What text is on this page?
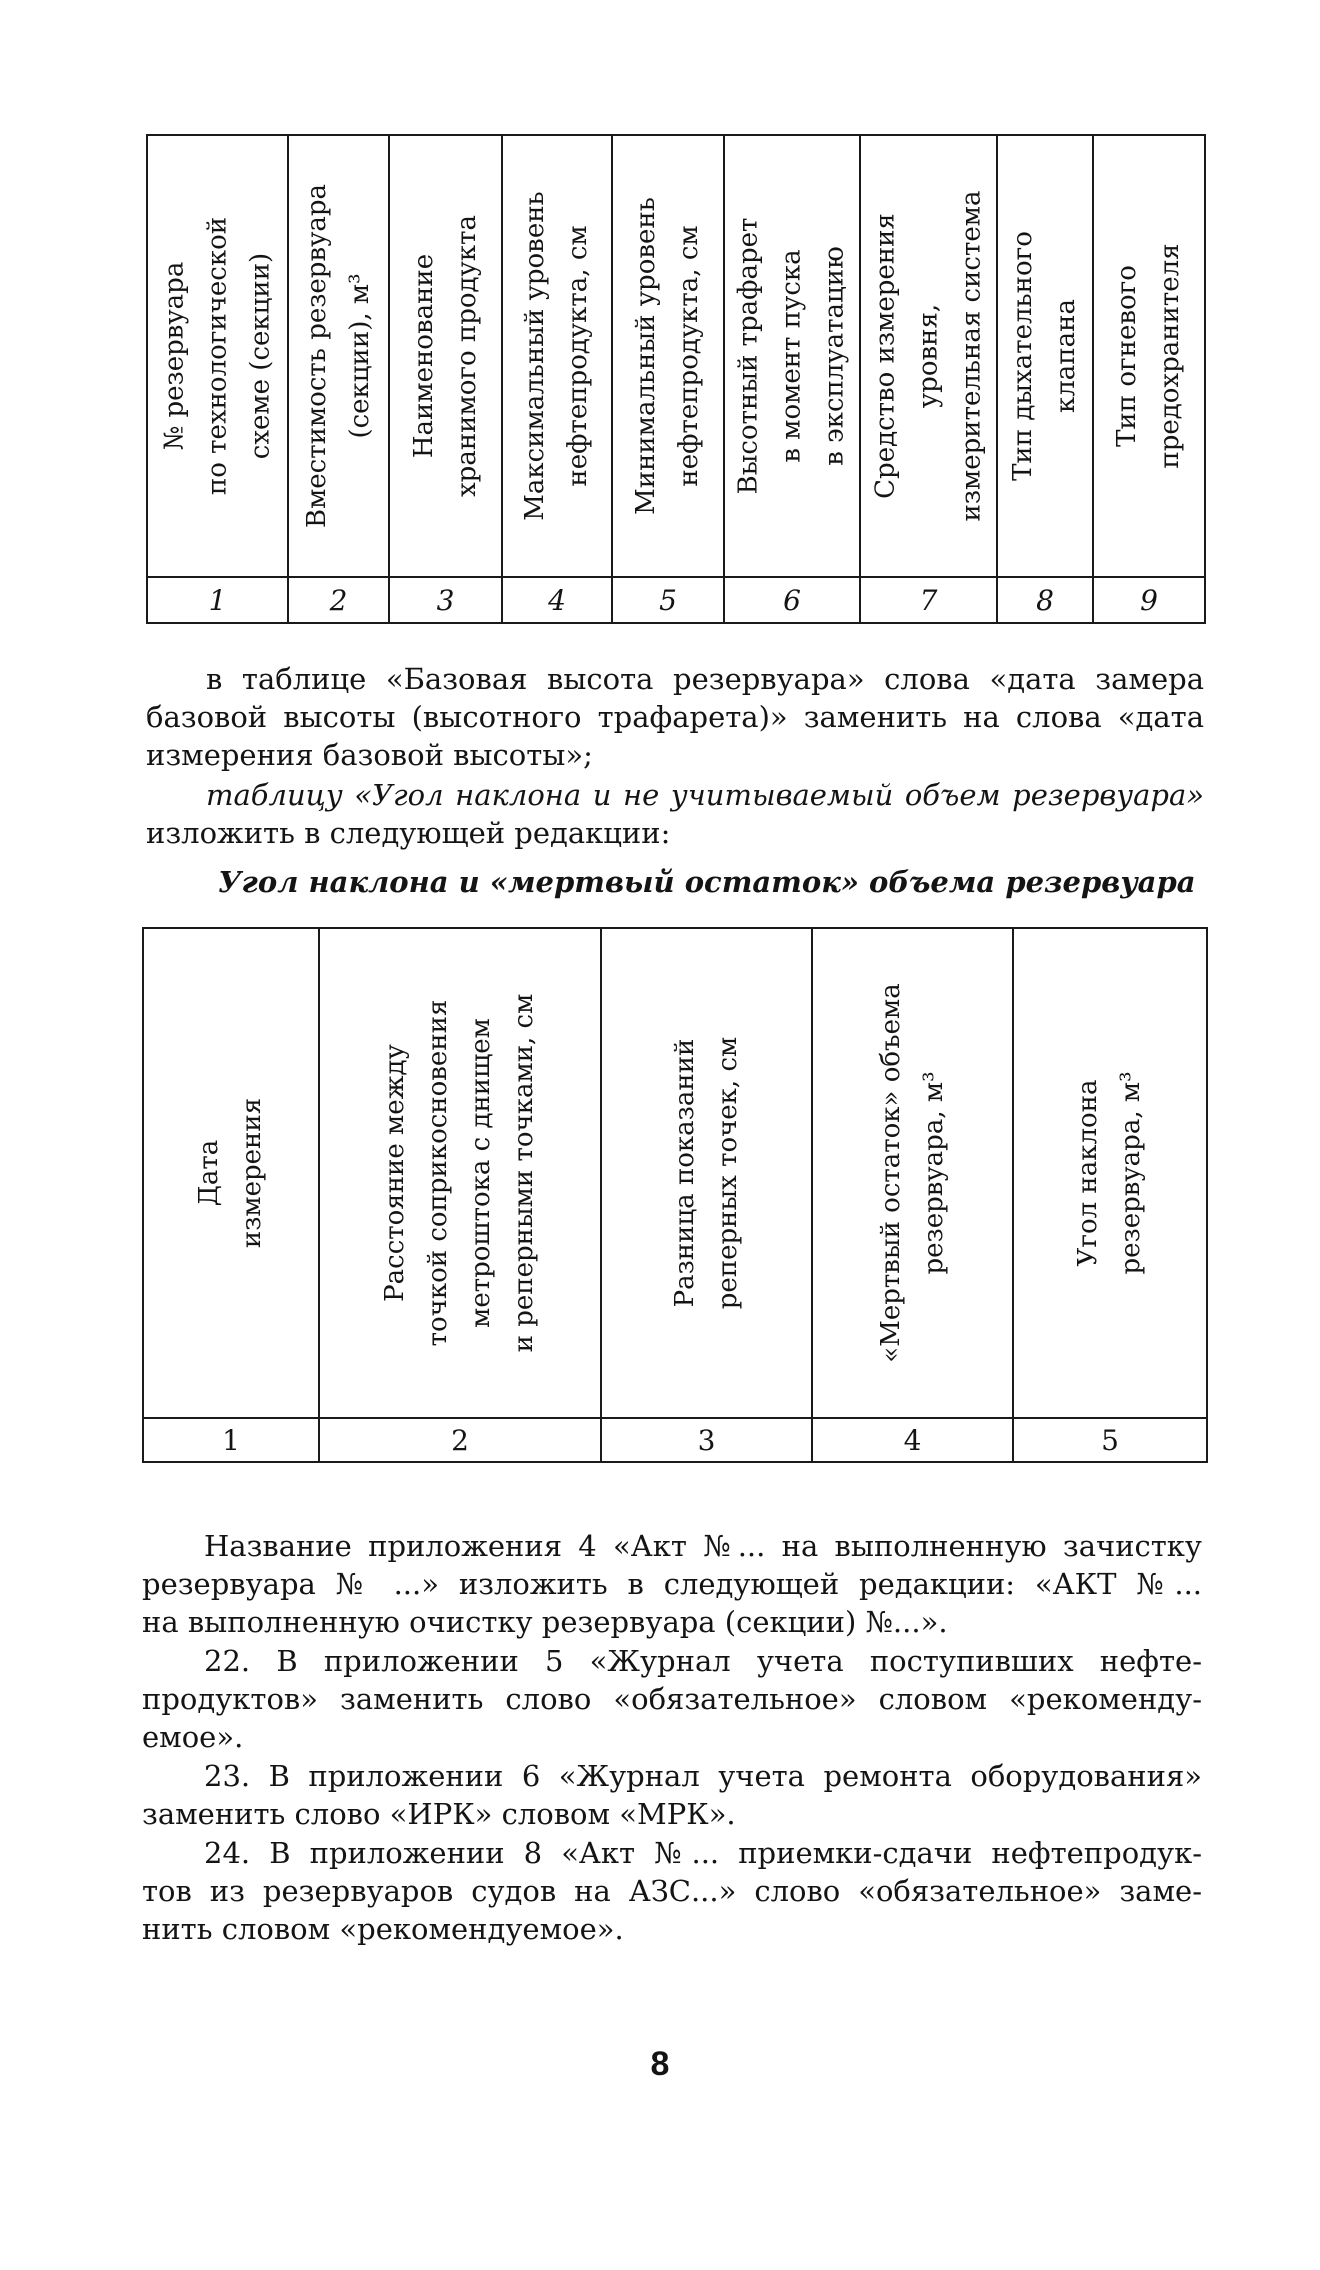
№ резервуара по технологической схеме (секции)	Вместимость резервуара (секции), м³	Наименование хранимого продукта	Максимальный уровень нефтепродукта, см	Минимальный уровень нефтепродукта, см	Высотный трафарет в момент пуска в эксплуатацию	Средство измерения уровня, измерительная система	Тип дыхательного клапана	Тип огневого предохранителя

1	2	3	4	5	6	7	8	9

в таблице «Базовая высота резервуара» слова «дата замера
базовой высоты (высотного трафарета)» заменить на слова «дата
измерения базовой высоты»;

таблицу «Угол наклона и не учитываемый объем резервуара»
изложить в следующей редакции:

Угол наклона и «мертвый остаток» объема резервуара
Дата измерения	Расстояние между точкой соприкосновения метроштока с днищем и реперными точками, см	Разница показаний реперных точек, см	«Мертвый остаток» объема резервуара, м³	Угол наклона резервуара, м³

1	2	3	4	5

Название приложения 4 «Акт №... на выполненную зачистку
резервуара № ...» изложить в следующей редакции: «АКТ №...
на выполненную очистку резервуара (секции) №...».

22. В приложении 5 «Журнал учета поступивших нефте-
продуктов» заменить слово «обязательное» словом «рекоменду-
емое».

23. В приложении 6 «Журнал учета ремонта оборудования»
заменить слово «ИРК» словом «МРК».

24. В приложении 8 «Акт №... приемки-сдачи нефтепродук-
тов из резервуаров судов на АЗС...» слово «обязательное» заме-
нить словом «рекомендуемое».

8
